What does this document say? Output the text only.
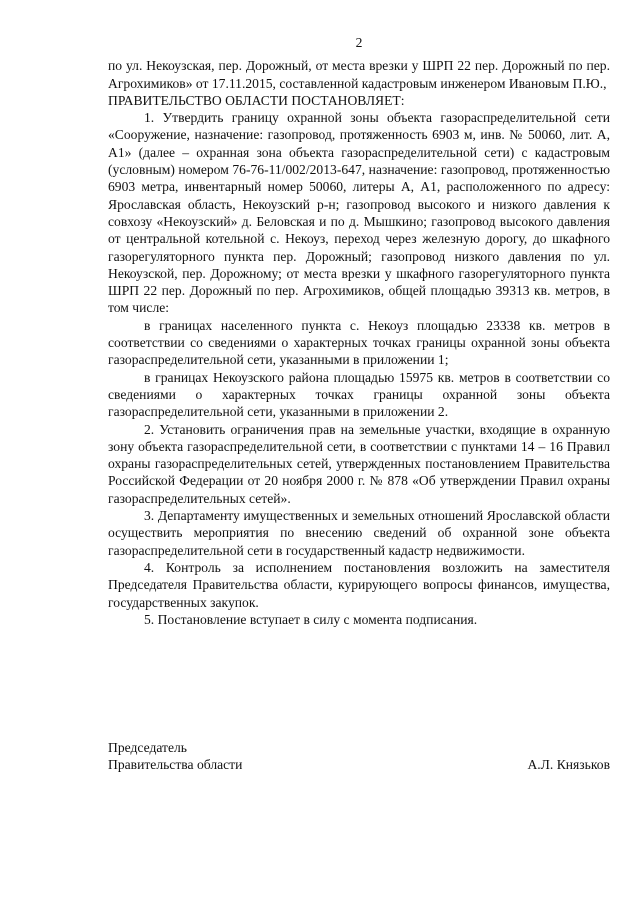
2

по ул. Некоузская, пер. Дорожный, от места врезки у ШРП 22 пер. Дорожный по пер. Агрохимиков» от 17.11.2015, составленной кадастровым инженером Ивановым П.Ю.,

ПРАВИТЕЛЬСТВО ОБЛАСТИ ПОСТАНОВЛЯЕТ:

1. Утвердить границу охранной зоны объекта газораспределительной сети «Сооружение, назначение: газопровод, протяженность 6903 м, инв. № 50060, лит. А, А1» (далее – охранная зона объекта газораспределительной сети) с кадастровым (условным) номером 76-76-11/002/2013-647, назначение: газопровод, протяженностью 6903 метра, инвентарный номер 50060, литеры А, А1, расположенного по адресу: Ярославская область, Некоузский р-н; газопровод высокого и низкого давления к совхозу «Некоузский» д. Беловская и по д. Мышкино; газопровод высокого давления от центральной котельной с. Некоуз, переход через железную дорогу, до шкафного газорегуляторного пункта пер. Дорожный; газопровод низкого давления по ул. Некоузской, пер. Дорожному; от места врезки у шкафного газорегуляторного пункта ШРП 22 пер. Дорожный по пер. Агрохимиков, общей площадью 39313 кв. метров, в том числе:

в границах населенного пункта с. Некоуз площадью 23338 кв. метров в соответствии со сведениями о характерных точках границы охранной зоны объекта газораспределительной сети, указанными в приложении 1;

в границах Некоузского района площадью 15975 кв. метров в соответствии со сведениями о характерных точках границы охранной зоны объекта газораспределительной сети, указанными в приложении 2.

2. Установить ограничения прав на земельные участки, входящие в охранную зону объекта газораспределительной сети, в соответствии с пунктами 14 – 16 Правил охраны газораспределительных сетей, утвержденных постановлением Правительства Российской Федерации от 20 ноября 2000 г. № 878 «Об утверждении Правил охраны газораспределительных сетей».

3. Департаменту имущественных и земельных отношений Ярославской области осуществить мероприятия по внесению сведений об охранной зоне объекта газораспределительной сети в государственный кадастр недвижимости.

4. Контроль за исполнением постановления возложить на заместителя Председателя Правительства области, курирующего вопросы финансов, имущества, государственных закупок.

5. Постановление вступает в силу с момента подписания.

Председатель
Правительства области	А.Л. Князьков
